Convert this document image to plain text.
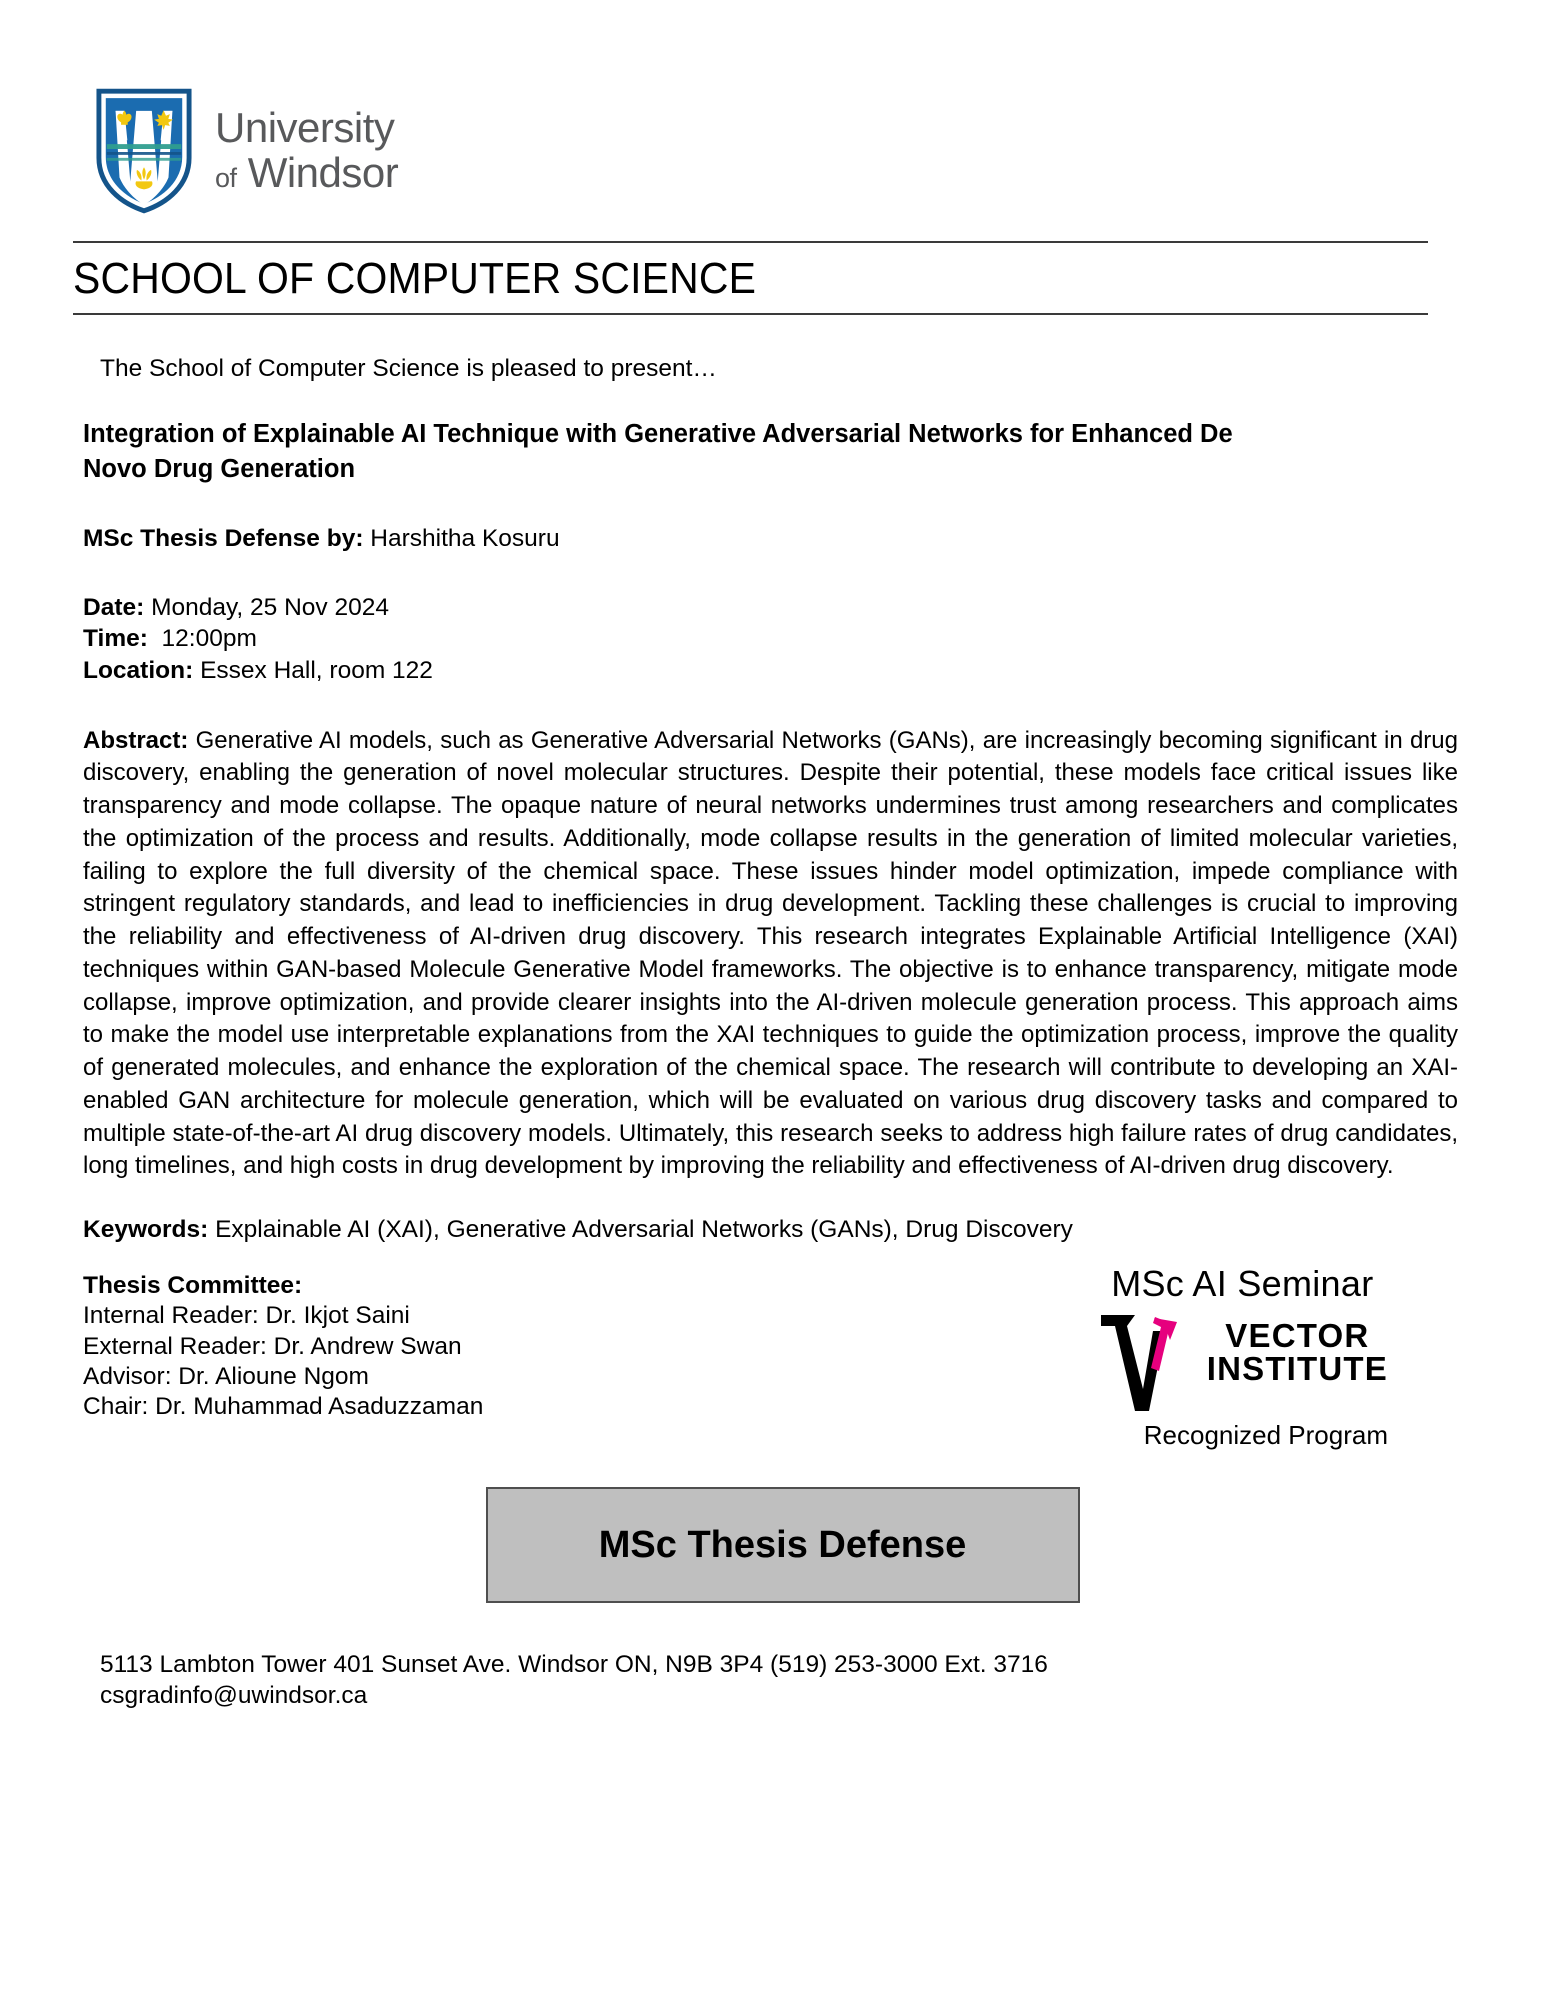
University
of Windsor
SCHOOL OF COMPUTER SCIENCE
The School of Computer Science is pleased to present…
Integration of Explainable AI Technique with Generative Adversarial Networks for Enhanced De Novo Drug Generation
MSc Thesis Defense by: Harshitha Kosuru
Date: Monday, 25 Nov 2024
Time: 12:00pm
Location: Essex Hall, room 122
Abstract: Generative AI models, such as Generative Adversarial Networks (GANs), are increasingly becoming significant in drug discovery, enabling the generation of novel molecular structures. Despite their potential, these models face critical issues like transparency and mode collapse. The opaque nature of neural networks undermines trust among researchers and complicates the optimization of the process and results. Additionally, mode collapse results in the generation of limited molecular varieties, failing to explore the full diversity of the chemical space. These issues hinder model optimization, impede compliance with stringent regulatory standards, and lead to inefficiencies in drug development. Tackling these challenges is crucial to improving the reliability and effectiveness of AI-driven drug discovery. This research integrates Explainable Artificial Intelligence (XAI) techniques within GAN-based Molecule Generative Model frameworks. The objective is to enhance transparency, mitigate mode collapse, improve optimization, and provide clearer insights into the AI-driven molecule generation process. This approach aims to make the model use interpretable explanations from the XAI techniques to guide the optimization process, improve the quality of generated molecules, and enhance the exploration of the chemical space. The research will contribute to developing an XAI-enabled GAN architecture for molecule generation, which will be evaluated on various drug discovery tasks and compared to multiple state-of-the-art AI drug discovery models. Ultimately, this research seeks to address high failure rates of drug candidates, long timelines, and high costs in drug development by improving the reliability and effectiveness of AI-driven drug discovery.
Keywords: Explainable AI (XAI), Generative Adversarial Networks (GANs), Drug Discovery
Thesis Committee:
Internal Reader: Dr. Ikjot Saini
External Reader: Dr. Andrew Swan
Advisor: Dr. Alioune Ngom
Chair: Dr. Muhammad Asaduzzaman
MSc AI Seminar
VECTOR
INSTITUTE
Recognized Program
MSc Thesis Defense
5113 Lambton Tower 401 Sunset Ave. Windsor ON, N9B 3P4 (519) 253-3000 Ext. 3716
csgradinfo@uwindsor.ca
